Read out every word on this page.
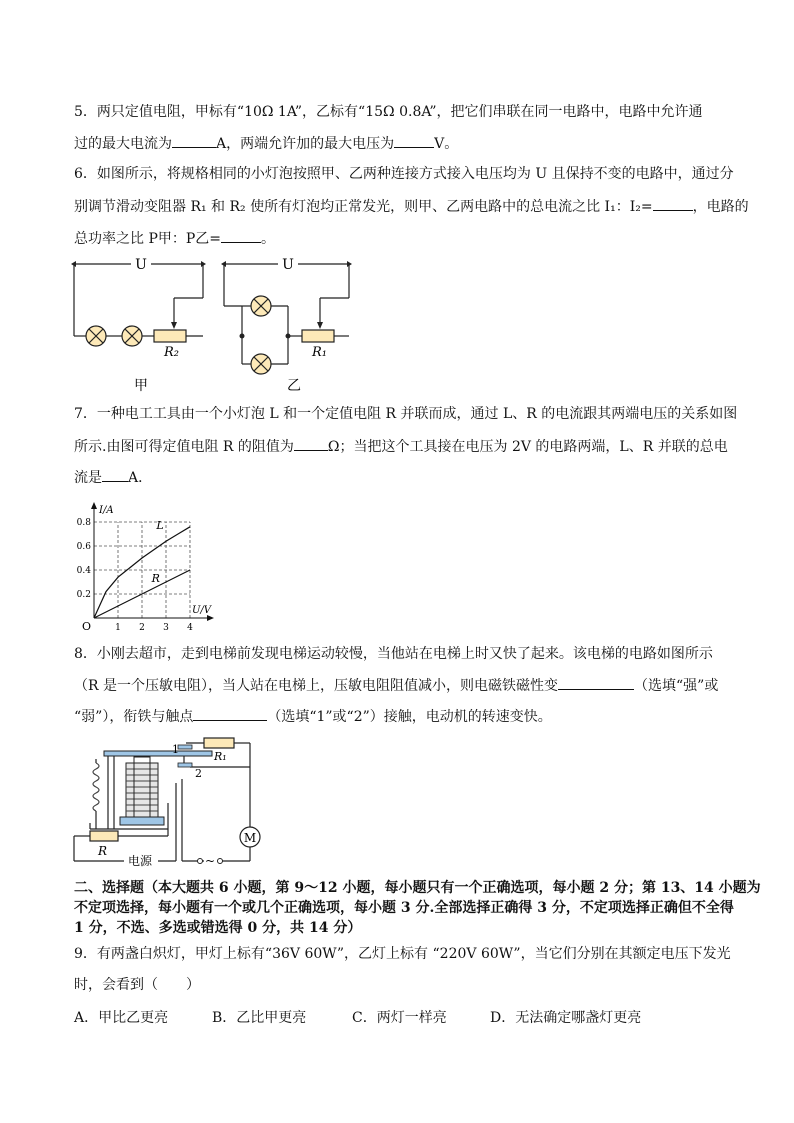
5．两只定值电阻，甲标有“10Ω 1A”，乙标有“15Ω 0.8A”，把它们串联在同一电路中，电路中允许通
过的最大电流为	A，两端允许加的最大电压为	V。
6．如图所示，将规格相同的小灯泡按照甲、乙两种连接方式接入电压均为 U 且保持不变的电路中，通过分
别调节滑动变阻器 R₁ 和 R₂ 使所有灯泡均正常发光，则甲、乙两电路中的总电流之比 I₁：I₂=	，电路的
总功率之比 P甲：P乙=	。
U
R₂
甲
U
R₁
乙
7．一种电工工具由一个小灯泡 L 和一个定值电阻 R 并联而成，通过 L、R 的电流跟其两端电压的关系如图
所示.由图可得定值电阻 R 的阻值为 Ω；当把这个工具接在电压为 2V 的电路两端，L、R 并联的总电
流是 A．
1 2 3 4
0.2
0.4
0.6
0.8
U/V
I/A
O
L
R
8．小刚去超市，走到电梯前发现电梯运动较慢，当他站在电梯上时又快了起来。该电梯的电路如图所示
（R 是一个压敏电阻），当人站在电梯上，压敏电阻阻值减小，则电磁铁磁性变	（选填“强”或
“弱”），衔铁与触点	（选填“1”或“2”）接触，电动机的转速变快。
M
~
R
R₁
1
2
电源
二、选择题（本大题共 6 小题，第 9～12 小题，每小题只有一个正确选项，每小题 2 分；第 13、14 小题为
不定项选择，每小题有一个或几个正确选项，每小题 3 分.全部选择正确得 3 分，不定项选择正确但不全得
1 分，不选、多选或错选得 0 分，共 14 分）
9．有两盏白炽灯，甲灯上标有“36V 60W”，乙灯上标有 “220V 60W”，当它们分别在其额定电压下发光
时，会看到（　　）
A．甲比乙更亮	B．乙比甲更亮	C．两灯一样亮	D．无法确定哪盏灯更亮
